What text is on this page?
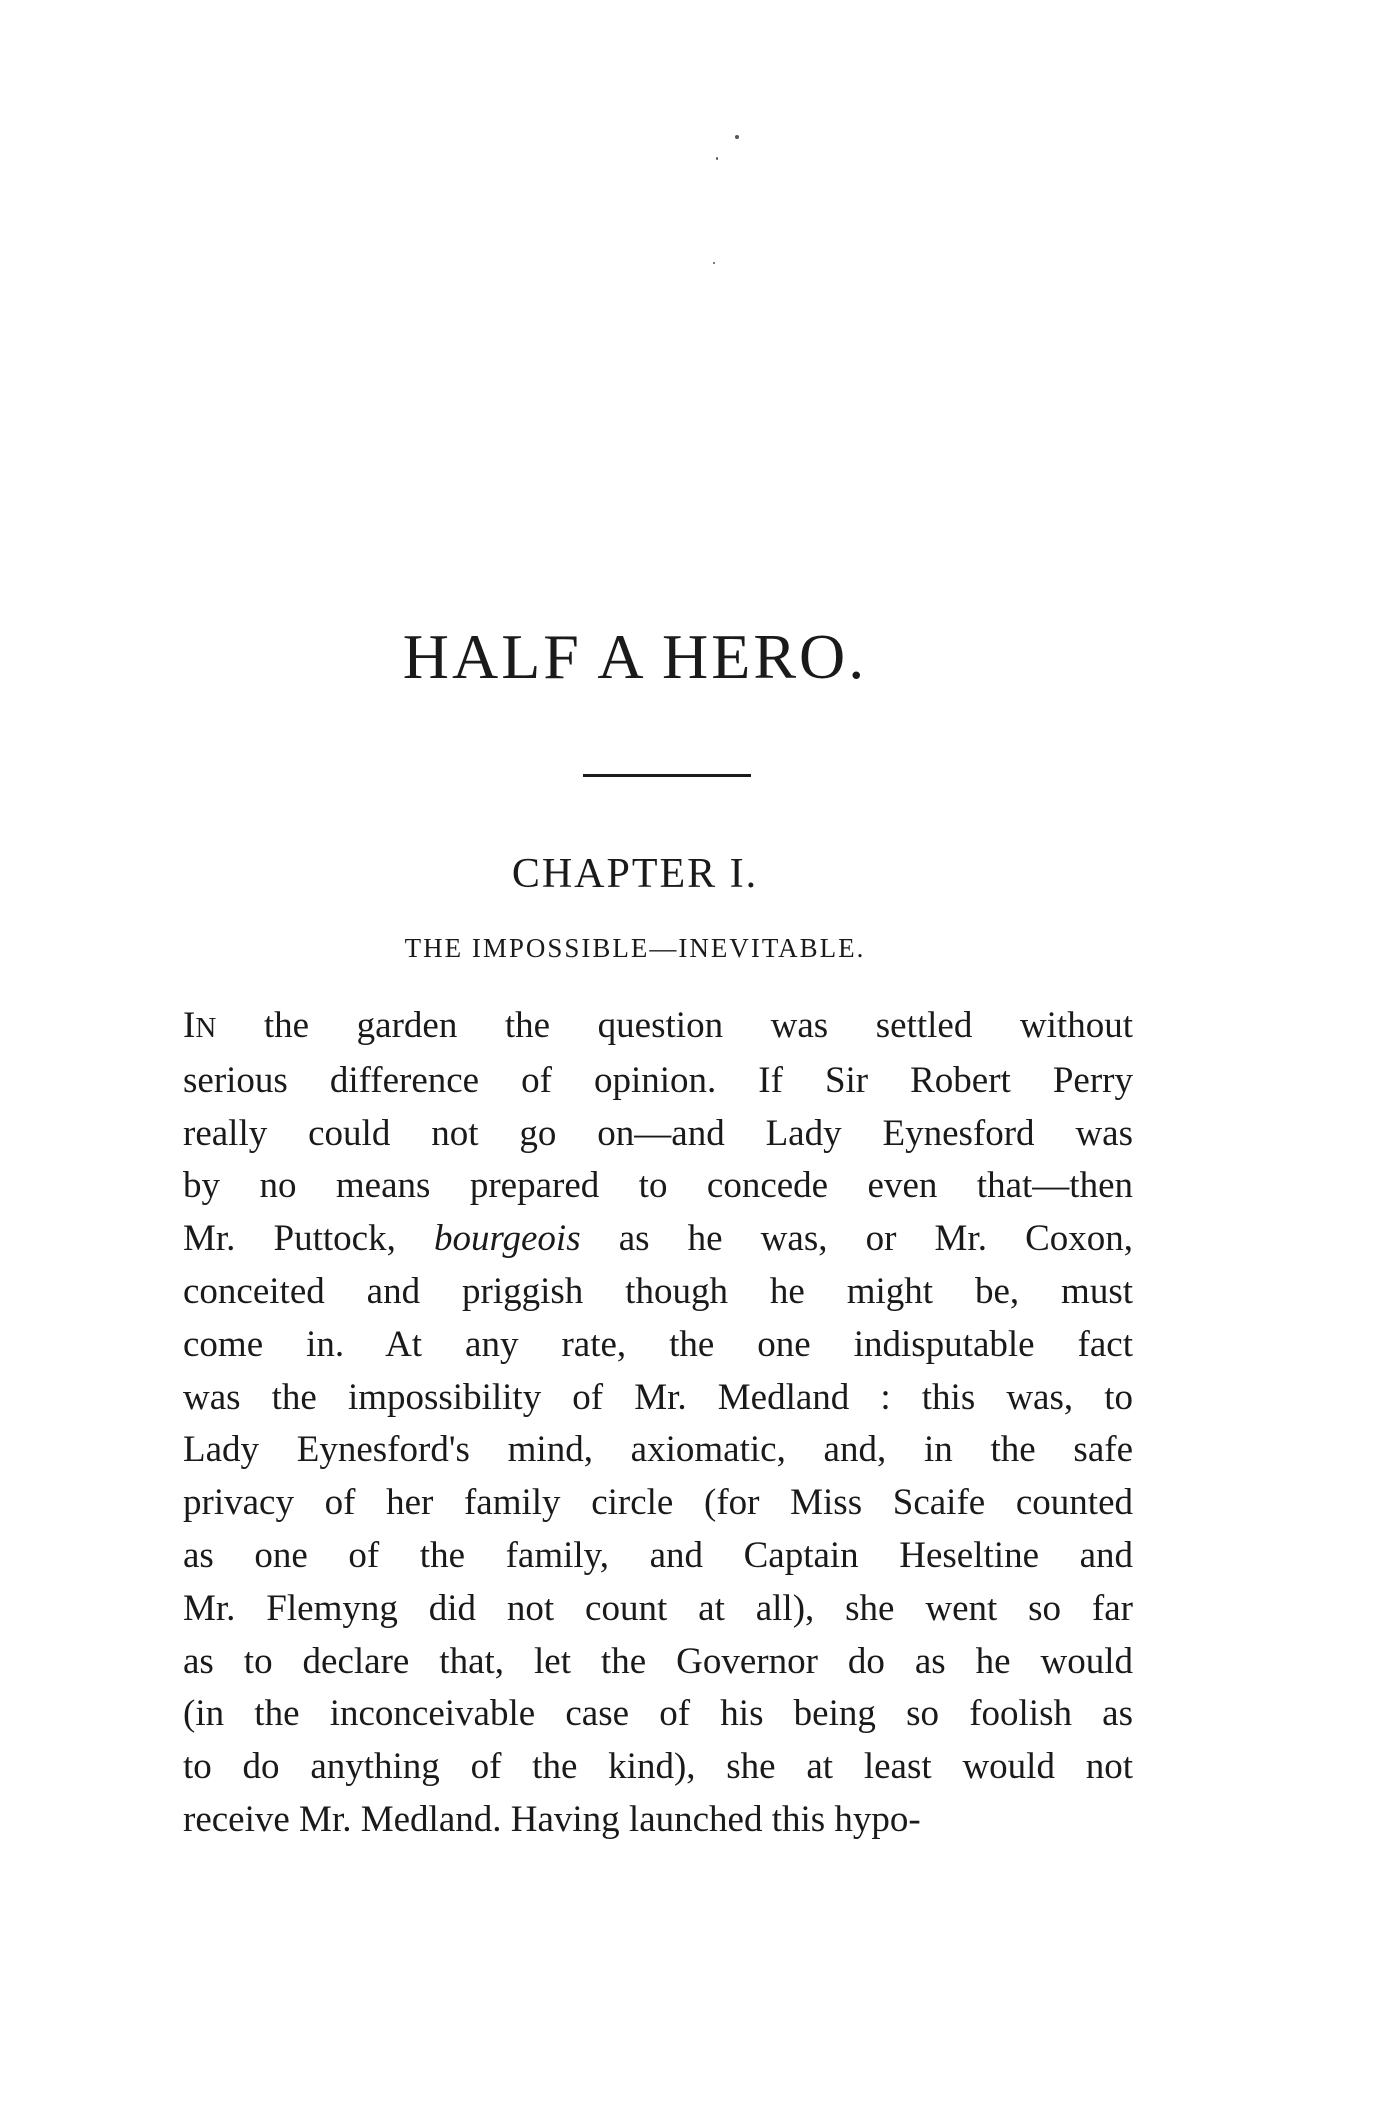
HALF A HERO.
CHAPTER I.
THE IMPOSSIBLE—INEVITABLE.
IN the garden the question was settled without
serious difference of opinion. If Sir Robert Perry
really could not go on—and Lady Eynesford was
by no means prepared to concede even that—then
Mr. Puttock, bourgeois as he was, or Mr. Coxon,
conceited and priggish though he might be, must
come in. At any rate, the one indisputable fact
was the impossibility of Mr. Medland : this was, to
Lady Eynesford's mind, axiomatic, and, in the safe
privacy of her family circle (for Miss Scaife counted
as one of the family, and Captain Heseltine and
Mr. Flemyng did not count at all), she went so far
as to declare that, let the Governor do as he would
(in the inconceivable case of his being so foolish as
to do anything of the kind), she at least would not
receive Mr. Medland. Having launched this hypo-
